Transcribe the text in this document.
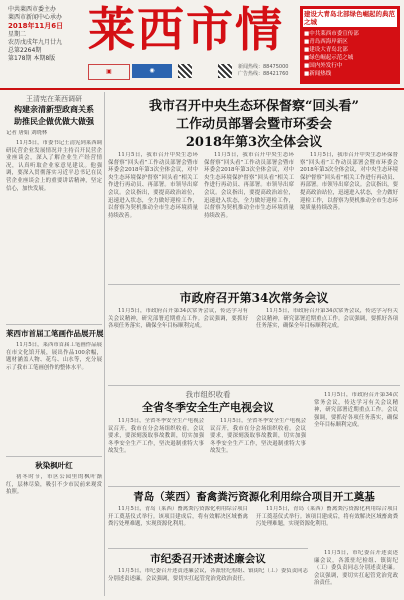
中共莱西市委主办
莱西市新闻中心承办
2018年11月6日
星期二
农历戊戌年九月廿九
总第2264期
第178期 本期8版
莱西市情
▣	◉	新闻热线：88475000
广告热线：88421760
建设大青岛北部绿色崛起的典范之城
■中共莱西市委宣传部
■青岛西海岸新区
■建设大青岛北部
■绿色崛起示范之城
■国内外发行中
■新闻热线
王清宪在莱西调研
构建亲清新型政商关系
助推民企做优做大做强
记者 唐娟 刘晓林

11月5日，市委书记王清宪到莱西调研民营企业发展情况并主持召开民营企业座谈会，深入了解企业生产经营情况，认真听取企业家意见建议。他强调，要深入贯彻落实习近平总书记在民营企业座谈会上的重要讲话精神，坚定信心，加快发展。

莱西市首届工笔画作品展开展

11月5日，莱西市首届工笔画作品展在市文化馆开展，展出作品100余幅，题材涵盖人物、花鸟、山水等，充分展示了我市工笔画创作的整体水平。

秋染枫叶红

初冬时节，市区公园里的枫叶渐红，层林尽染，吸引不少市民前来观赏拍照。

我市召开中央生态环保督察“回头看”
工作动员部署会暨市环委会
2018年第3次全体会议

11月5日，我市召开中央生态环保督察“回头看”工作动员部署会暨市环委会2018年第3次全体会议，对中央生态环境保护督察“回头看”相关工作进行再动员、再部署。市领导出席会议。会议指出，要提高政治站位，迅速进入状态，全力做好迎检工作，以督察为契机推动全市生态环境质量持续改善。

11月5日，我市召开中央生态环保督察“回头看”工作动员部署会暨市环委会2018年第3次全体会议，对中央生态环境保护督察“回头看”相关工作进行再动员、再部署。市领导出席会议。会议指出，要提高政治站位，迅速进入状态，全力做好迎检工作，以督察为契机推动全市生态环境质量持续改善。

11月5日，我市召开中央生态环保督察“回头看”工作动员部署会暨市环委会2018年第3次全体会议，对中央生态环境保护督察“回头看”相关工作进行再动员、再部署。市领导出席会议。会议指出，要提高政治站位，迅速进入状态，全力做好迎检工作，以督察为契机推动全市生态环境质量持续改善。

市政府召开第34次常务会议

11月5日，市政府召开第34次常务会议，传达学习有关会议精神，研究部署近期重点工作。会议强调，要抓好各项任务落实，确保全年目标顺利完成。

11月5日，市政府召开第34次常务会议，传达学习有关会议精神，研究部署近期重点工作。会议强调，要抓好各项任务落实，确保全年目标顺利完成。

我市组织收看
全省冬季安全生产电视会议

11月5日，全省冬季安全生产电视会议召开，我市在分会场组织收看。会议要求，要深刻汲取事故教训，切实加强冬季安全生产工作，坚决遏制重特大事故发生。

11月5日，全省冬季安全生产电视会议召开，我市在分会场组织收看。会议要求，要深刻汲取事故教训，切实加强冬季安全生产工作，坚决遏制重特大事故发生。

11月5日，市政府召开第34次常务会议，传达学习有关会议精神，研究部署近期重点工作。会议强调，要抓好各项任务落实，确保全年目标顺利完成。

青岛（莱西）畜禽粪污资源化利用综合项目开工奠基

11月5日，青岛（莱西）畜禽粪污资源化利用综合项目开工奠基仪式举行。该项目建成后，将有效解决区域畜禽粪污处理难题，实现资源化利用。

11月5日，青岛（莱西）畜禽粪污资源化利用综合项目开工奠基仪式举行。该项目建成后，将有效解决区域畜禽粪污处理难题，实现资源化利用。

市纪委召开述责述廉会议

11月5日，市纪委召开述责述廉会议，各派驻纪检组、镇街纪（工）委负责同志分别述责述廉。会议强调，要切实扛起管党治党政治责任。

11月5日，市纪委召开述责述廉会议，各派驻纪检组、镇街纪（工）委负责同志分别述责述廉。会议强调，要切实扛起管党治党政治责任。
